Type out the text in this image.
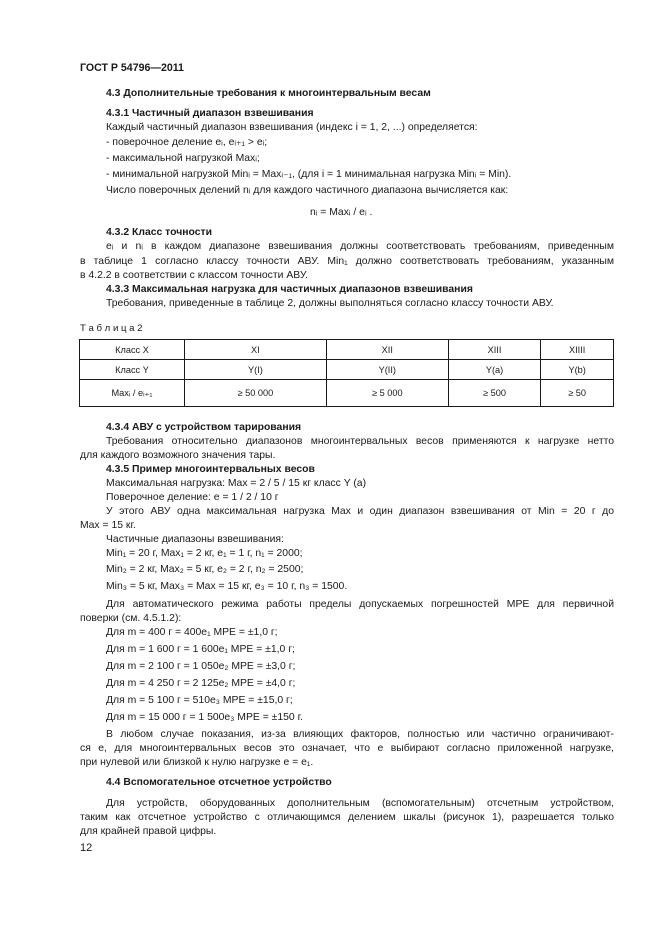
ГОСТ Р 54796—2011
4.3 Дополнительные требования к многоинтервальным весам
4.3.1 Частичный диапазон взвешивания
Каждый частичный диапазон взвешивания (индекс i = 1, 2, ...) определяется:
- поверочное деление eᵢ, eᵢ₊₁ > eᵢ;
- максимальной нагрузкой Maxᵢ;
- минимальной нагрузкой Minᵢ = Maxᵢ₋₁, (для i = 1 минимальная нагрузка Minᵢ = Min).
Число поверочных делений nᵢ для каждого частичного диапазона вычисляется как:
nᵢ = Maxᵢ / eᵢ .
4.3.2 Класс точности
eᵢ и nᵢ в каждом диапазоне взвешивания должны соответствовать требованиям, приведенным
в таблице 1 согласно классу точности АВУ. Min₁ должно соответствовать требованиям, указанным
в 4.2.2 в соответствии с классом точности АВУ.
4.3.3 Максимальная нагрузка для частичных диапазонов взвешивания
Требования, приведенные в таблице 2, должны выполняться согласно классу точности АВУ.
Т а б л и ц а 2
Класс X	XI	XII	XIII	XIIII
Класс Y	Y(I)	Y(II)	Y(a)	Y(b)
Maxᵢ / eᵢ₊₁	≥ 50 000	≥ 5 000	≥ 500	≥ 50
4.3.4 АВУ с устройством тарирования
Требования относительно диапазонов многоинтервальных весов применяются к нагрузке нетто
для каждого возможного значения тары.
4.3.5 Пример многоинтервальных весов
Максимальная нагрузка: Max = 2 / 5 / 15 кг класс Y (a)
Поверочное деление: e = 1 / 2 / 10 г
У этого АВУ одна максимальная нагрузка Max и один диапазон взвешивания от Min = 20 г до
Max = 15 кг.
Частичные диапазоны взвешивания:
Min₁ = 20 г, Max₁ = 2 кг, e₁ = 1 г, n₁ = 2000;
Min₂ = 2 кг, Max₂ = 5 кг, e₂ = 2 г, n₂ = 2500;
Min₃ = 5 кг, Max₃ = Max = 15 кг, e₃ = 10 г, n₃ = 1500.
Для автоматического режима работы пределы допускаемых погрешностей МРЕ для первичной
поверки (см. 4.5.1.2):
Для m = 400 г = 400e₁ МРЕ = ±1,0 г;
Для m = 1 600 г = 1 600e₁ МРЕ = ±1,0 г;
Для m = 2 100 г = 1 050e₂ МРЕ = ±3,0 г;
Для m = 4 250 г = 2 125e₂ МРЕ = ±4,0 г;
Для m = 5 100 г = 510e₃ МРЕ = ±15,0 г;
Для m = 15 000 г = 1 500e₃ МРЕ = ±150 г.
В любом случае показания, из-за влияющих факторов, полностью или частично ограничивают-
ся e, для многоинтервальных весов это означает, что e выбирают согласно приложенной нагрузке,
при нулевой или близкой к нулю нагрузке e = e₁.
4.4 Вспомогательное отсчетное устройство
Для устройств, оборудованных дополнительным (вспомогательным) отсчетным устройством,
таким как отсчетное устройство с отличающимся делением шкалы (рисунок 1), разрешается только
для крайней правой цифры.
12
